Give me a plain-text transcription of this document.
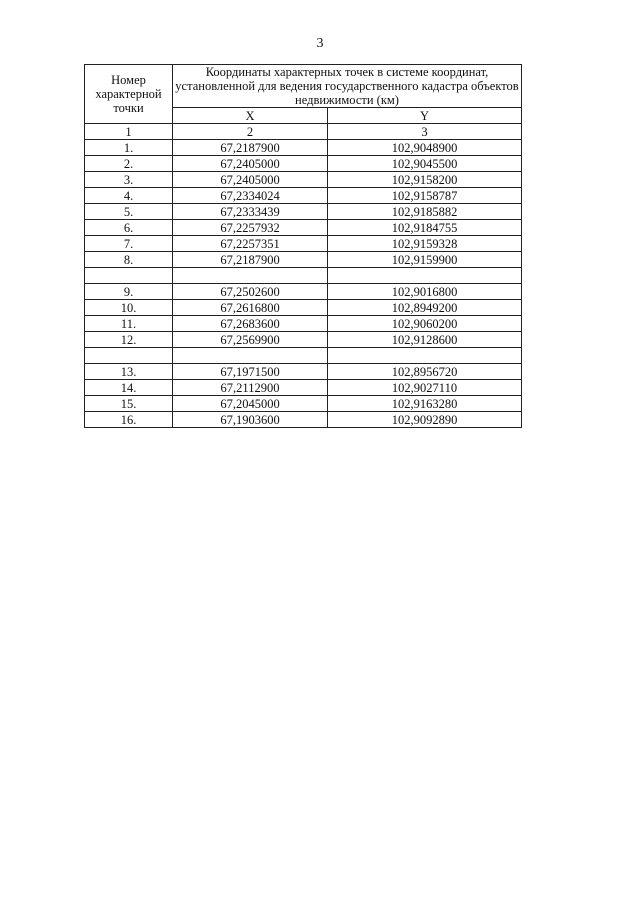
3
Номер характерной точки	Координаты характерных точек в системе координат, установленной для ведения государственного кадастра объектов недвижимости (км)	
	X	Y
1	2	3
1.	67,2187900	102,9048900
2.	67,2405000	102,9045500
3.	67,2405000	102,9158200
4.	67,2334024	102,9158787
5.	67,2333439	102,9185882
6.	67,2257932	102,9184755
7.	67,2257351	102,9159328
8.	67,2187900	102,9159900

9.	67,2502600	102,9016800
10.	67,2616800	102,8949200
11.	67,2683600	102,9060200
12.	67,2569900	102,9128600

13.	67,1971500	102,8956720
14.	67,2112900	102,9027110
15.	67,2045000	102,9163280
16.	67,1903600	102,9092890
